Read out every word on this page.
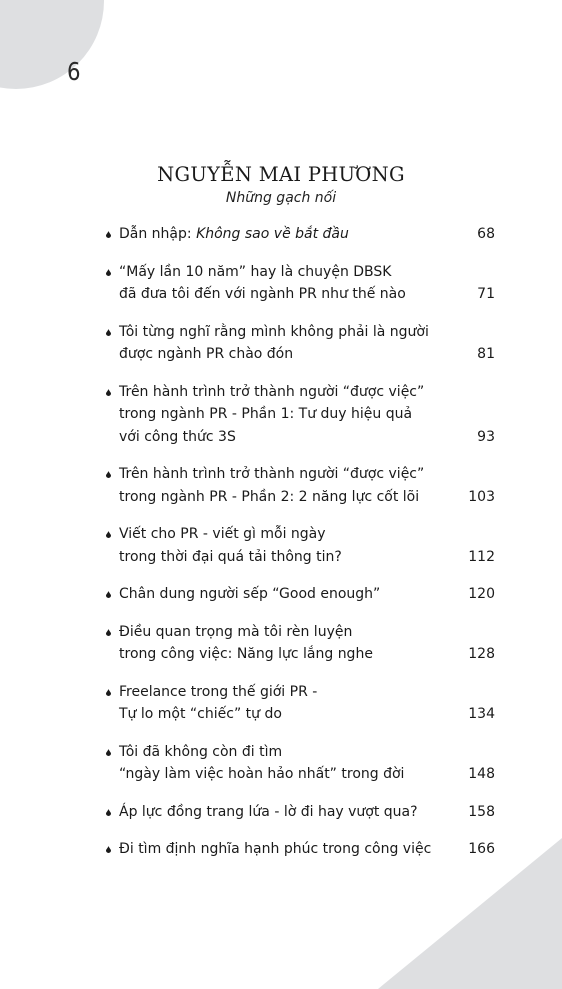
6
NGUYỄN MAI PHƯƠNG
Những gạch nối
Dẫn nhập: Không sao về bắt đầu	68
“Mấy lần 10 năm” hay là chuyện DBSK
đã đưa tôi đến với ngành PR như thế nào	71
Tôi từng nghĩ rằng mình không phải là người
được ngành PR chào đón	81
Trên hành trình trở thành người “được việc”
trong ngành PR - Phần 1: Tư duy hiệu quả
với công thức 3S	93
Trên hành trình trở thành người “được việc”
trong ngành PR - Phần 2: 2 năng lực cốt lõi	103
Viết cho PR - viết gì mỗi ngày
trong thời đại quá tải thông tin?	112
Chân dung người sếp “Good enough”	120
Điều quan trọng mà tôi rèn luyện
trong công việc: Năng lực lắng nghe	128
Freelance trong thế giới PR -
Tự lo một “chiếc” tự do	134
Tôi đã không còn đi tìm
“ngày làm việc hoàn hảo nhất” trong đời	148
Áp lực đồng trang lứa - lờ đi hay vượt qua?	158
Đi tìm định nghĩa hạnh phúc trong công việc	166
